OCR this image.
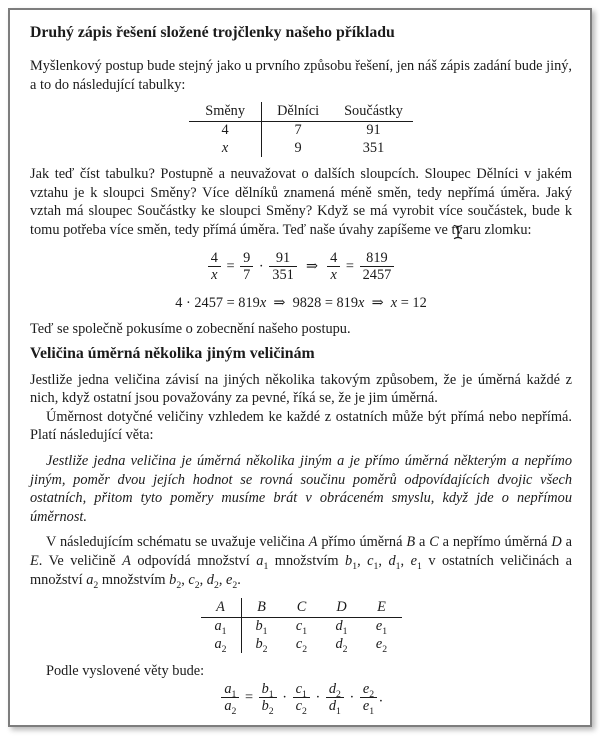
Druhý zápis řešení složené trojčlenky našeho příkladu

Myšlenkový postup bude stejný jako u prvního způsobu řešení, jen náš zápis zadání bude jiný, a to do následující tabulky:

Směny	Dělníci	Součástky
4	7	91
x	9	351

Jak teď číst tabulku? Postupně a neuvažovat o dalších sloupcích. Sloupec Dělníci v jakém vztahu je k sloupci Směny? Více dělníků znamená méně směn, tedy nepřímá úměra. Jaký vztah má sloupec Součástky ke sloupci Směny? Když se má vyrobit více součástek, bude k tomu potřeba více směn, tedy přímá úměra. Teď naše úvahy zapíšeme ve tvaru zlomku:

$\frac{4}{x} = \frac{9}{7} \cdot \frac{91}{351}$  ⇒  $\frac{4}{x} = \frac{819}{2457}$
4 · 2457 = 819x ⇒ 9828 = 819x ⇒ x = 12

Teď se společně pokusíme o zobecnění našeho postupu.

Veličina úměrná několika jiným veličinám

Jestliže jedna veličina závisí na jiných několika takovým způsobem, že je úměrná každé z nich, když ostatní jsou považovány za pevné, říká se, že je jim úměrná.

Úměrnost dotyčné veličiny vzhledem ke každé z ostatních může být přímá nebo nepřímá. Platí následující věta:

Jestliže jedna veličina je úměrná několika jiným a je přímo úměrná některým a nepřímo jiným, poměr dvou jejích hodnot se rovná součinu poměrů odpovídajících dvojic všech ostatních, přitom tyto poměry musíme brát v obráceném smyslu, když jde o nepřímou úměrnost.

V následujícím schématu se uvažuje veličina A přímo úměrná B a C a nepřímo úměrná D a E. Ve veličině A odpovídá množství $a_1$ množstvím $b_1$, $c_1$, $d_1$, $e_1$ v ostatních veličinách a množství $a_2$ množstvím $b_2$, $c_2$, $d_2$, $e_2$.

A	B	C	D	E
$a_1$	$b_1$	$c_1$	$d_1$	$e_1$
$a_2$	$b_2$	$c_2$	$d_2$	$e_2$

Podle vyslovené věty bude:

$\frac{a_1}{a_2} = \frac{b_1}{b_2} \cdot \frac{c_1}{c_2} \cdot \frac{d_2}{d_1} \cdot \frac{e_2}{e_1}$ .
